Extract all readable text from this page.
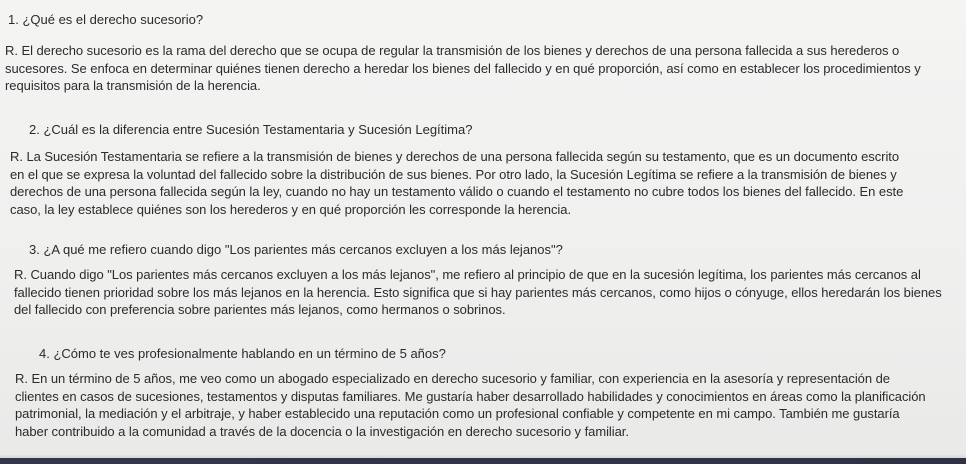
1. ¿Qué es el derecho sucesorio?

R. El derecho sucesorio es la rama del derecho que se ocupa de regular la transmisión de los bienes y derechos de una persona fallecida a sus herederos o sucesores. Se enfoca en determinar quiénes tienen derecho a heredar los bienes del fallecido y en qué proporción, así como en establecer los procedimientos y requisitos para la transmisión de la herencia.

2. ¿Cuál es la diferencia entre Sucesión Testamentaria y Sucesión Legítima?

R. La Sucesión Testamentaria se refiere a la transmisión de bienes y derechos de una persona fallecida según su testamento, que es un documento escrito en el que se expresa la voluntad del fallecido sobre la distribución de sus bienes. Por otro lado, la Sucesión Legítima se refiere a la transmisión de bienes y derechos de una persona fallecida según la ley, cuando no hay un testamento válido o cuando el testamento no cubre todos los bienes del fallecido. En este caso, la ley establece quiénes son los herederos y en qué proporción les corresponde la herencia.

3. ¿A qué me refiero cuando digo "Los parientes más cercanos excluyen a los más lejanos"?

R. Cuando digo "Los parientes más cercanos excluyen a los más lejanos", me refiero al principio de que en la sucesión legítima, los parientes más cercanos al fallecido tienen prioridad sobre los más lejanos en la herencia. Esto significa que si hay parientes más cercanos, como hijos o cónyuge, ellos heredarán los bienes del fallecido con preferencia sobre parientes más lejanos, como hermanos o sobrinos.

4. ¿Cómo te ves profesionalmente hablando en un término de 5 años?

R. En un término de 5 años, me veo como un abogado especializado en derecho sucesorio y familiar, con experiencia en la asesoría y representación de clientes en casos de sucesiones, testamentos y disputas familiares. Me gustaría haber desarrollado habilidades y conocimientos en áreas como la planificación patrimonial, la mediación y el arbitraje, y haber establecido una reputación como un profesional confiable y competente en mi campo. También me gustaría haber contribuido a la comunidad a través de la docencia o la investigación en derecho sucesorio y familiar.
